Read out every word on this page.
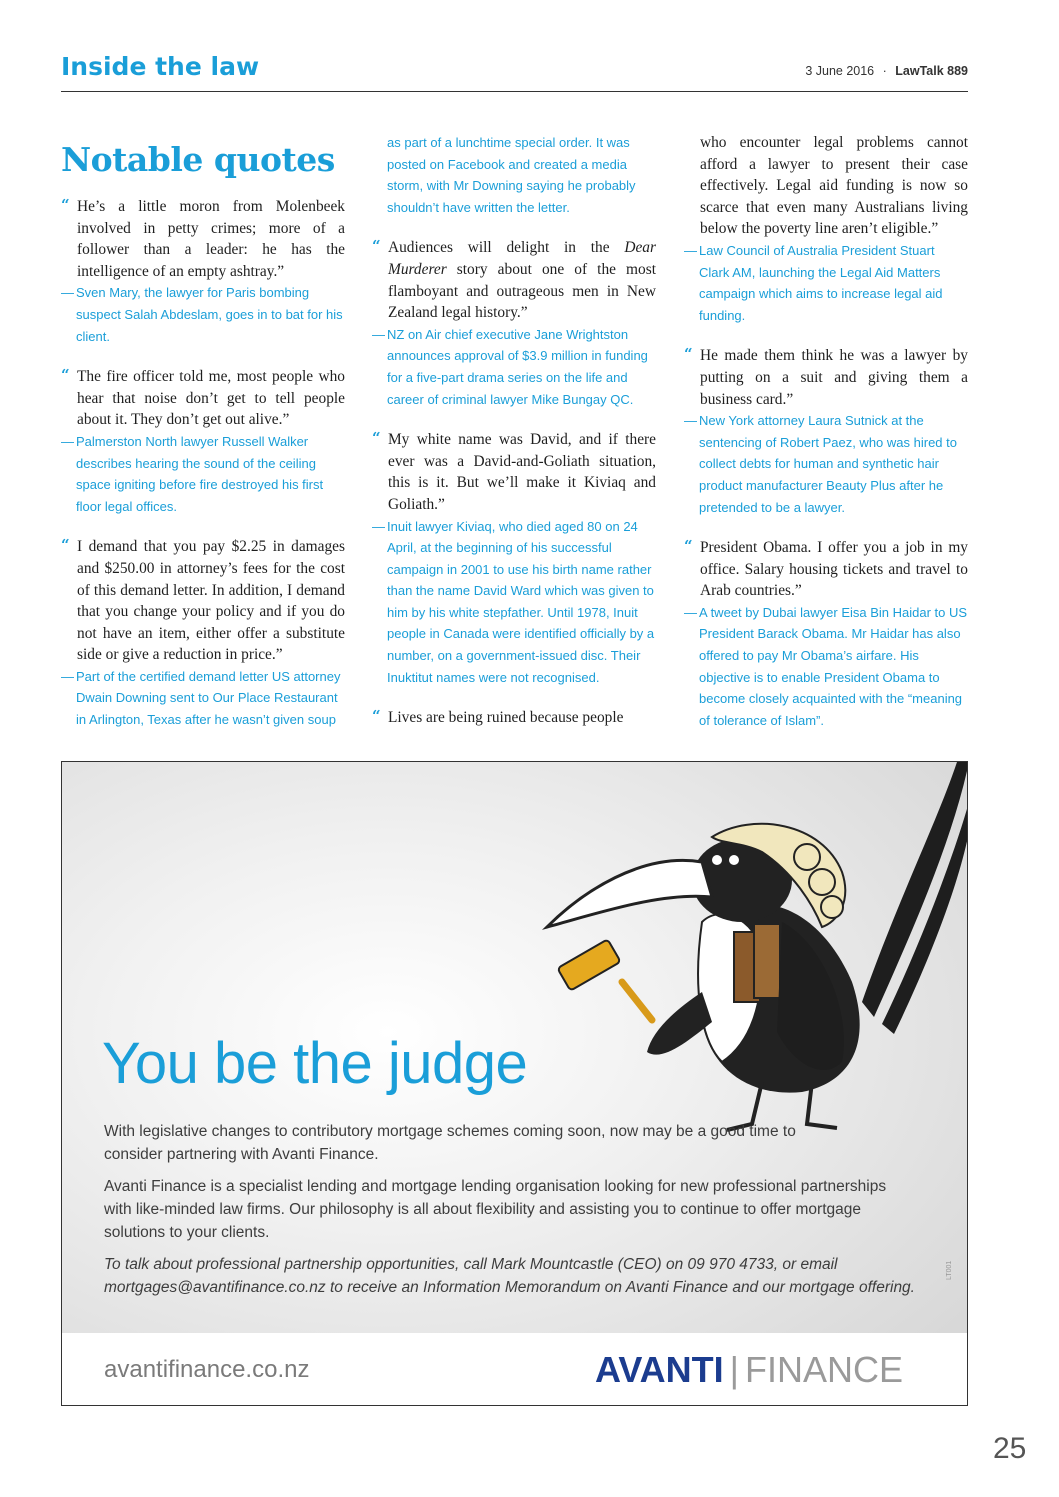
Inside the law	3 June 2016 · LawTalk 889
Notable quotes
“ He’s a little moron from Molenbeek involved in petty crimes; more of a follower than a leader: he has the intelligence of an empty ashtray.”
— Sven Mary, the lawyer for Paris bombing suspect Salah Abdeslam, goes in to bat for his client.
“ The fire officer told me, most people who hear that noise don’t get to tell people about it. They don’t get out alive.”
— Palmerston North lawyer Russell Walker describes hearing the sound of the ceiling space igniting before fire destroyed his first floor legal offices.
“ I demand that you pay $2.25 in damages and $250.00 in attorney’s fees for the cost of this demand letter. In addition, I demand that you change your policy and if you do not have an item, either offer a substitute side or give a reduction in price.”
— Part of the certified demand letter US attorney Dwain Downing sent to Our Place Restaurant in Arlington, Texas after he wasn’t given soup
as part of a lunchtime special order. It was posted on Facebook and created a media storm, with Mr Downing saying he probably shouldn’t have written the letter.
“ Audiences will delight in the Dear Murderer story about one of the most flamboyant and outrageous men in New Zealand legal history.”
— NZ on Air chief executive Jane Wrightston announces approval of $3.9 million in funding for a five-part drama series on the life and career of criminal lawyer Mike Bungay QC.
“ My white name was David, and if there ever was a David-and-Goliath situation, this is it. But we’ll make it Kiviaq and Goliath.”
— Inuit lawyer Kiviaq, who died aged 80 on 24 April, at the beginning of his successful campaign in 2001 to use his birth name rather than the name David Ward which was given to him by his white stepfather. Until 1978, Inuit people in Canada were identified officially by a number, on a government-issued disc. Their Inuktitut names were not recognised.
“ Lives are being ruined because people
who encounter legal problems cannot afford a lawyer to present their case effectively. Legal aid funding is now so scarce that even many Australians living below the poverty line aren’t eligible.”
— Law Council of Australia President Stuart Clark AM, launching the Legal Aid Matters campaign which aims to increase legal aid funding.
“ He made them think he was a lawyer by putting on a suit and giving them a business card.”
— New York attorney Laura Sutnick at the sentencing of Robert Paez, who was hired to collect debts for human and synthetic hair product manufacturer Beauty Plus after he pretended to be a lawyer.
“ President Obama. I offer you a job in my office. Salary housing tickets and travel to Arab countries.”
— A tweet by Dubai lawyer Eisa Bin Haidar to US President Barack Obama. Mr Haidar has also offered to pay Mr Obama’s airfare. His objective is to enable President Obama to become closely acquainted with the “meaning of tolerance of Islam”.
You be the judge
With legislative changes to contributory mortgage schemes coming soon, now may be a good time to consider partnering with Avanti Finance.
Avanti Finance is a specialist lending and mortgage lending organisation looking for new professional partnerships with like-minded law firms. Our philosophy is all about flexibility and assisting you to continue to offer mortgage solutions to your clients.
To talk about professional partnership opportunities, call Mark Mountcastle (CEO) on 09 970 4733, or email mortgages@avantifinance.co.nz to receive an Information Memorandum on Avanti Finance and our mortgage offering.
LT001
avantifinance.co.nz	AVANTI | FINANCE
25
